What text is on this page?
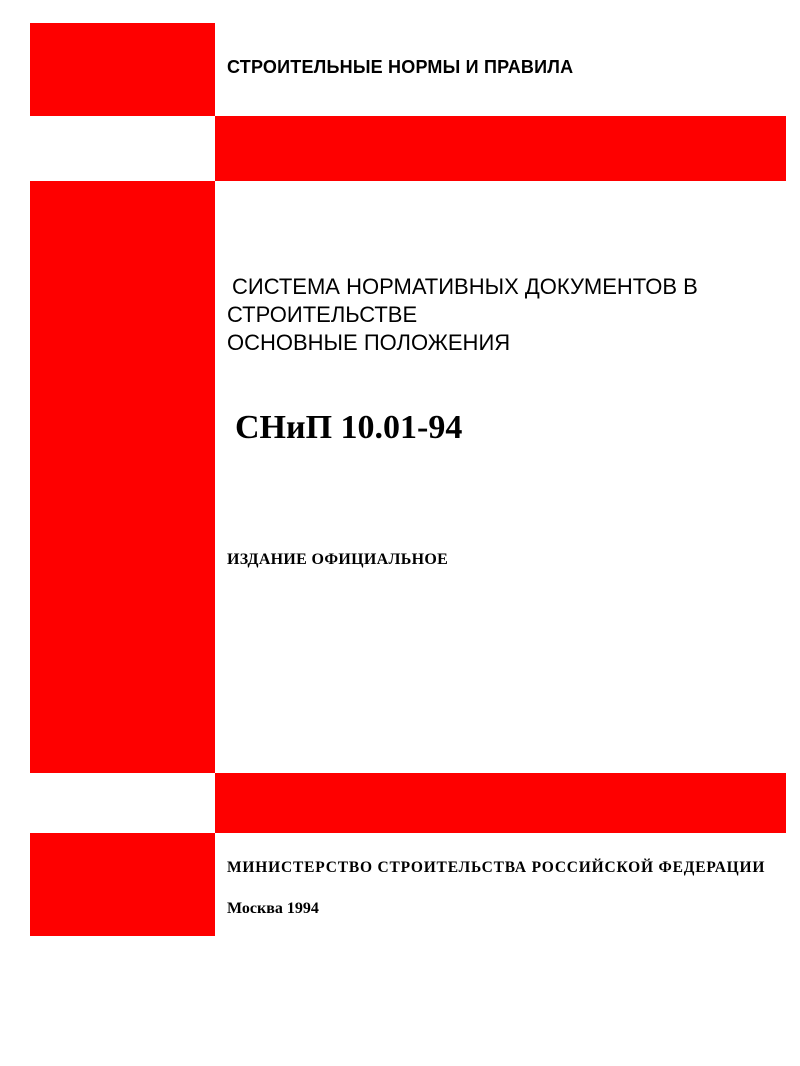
СТРОИТЕЛЬНЫЕ НОРМЫ И ПРАВИЛА
СИСТЕМА НОРМАТИВНЫХ ДОКУМЕНТОВ В
СТРОИТЕЛЬСТВЕ
ОСНОВНЫЕ ПОЛОЖЕНИЯ
СНиП 10.01-94
ИЗДАНИЕ ОФИЦИАЛЬНОЕ
МИНИСТЕРСТВО СТРОИТЕЛЬСТВА РОССИЙСКОЙ ФЕДЕРАЦИИ
Москва 1994
